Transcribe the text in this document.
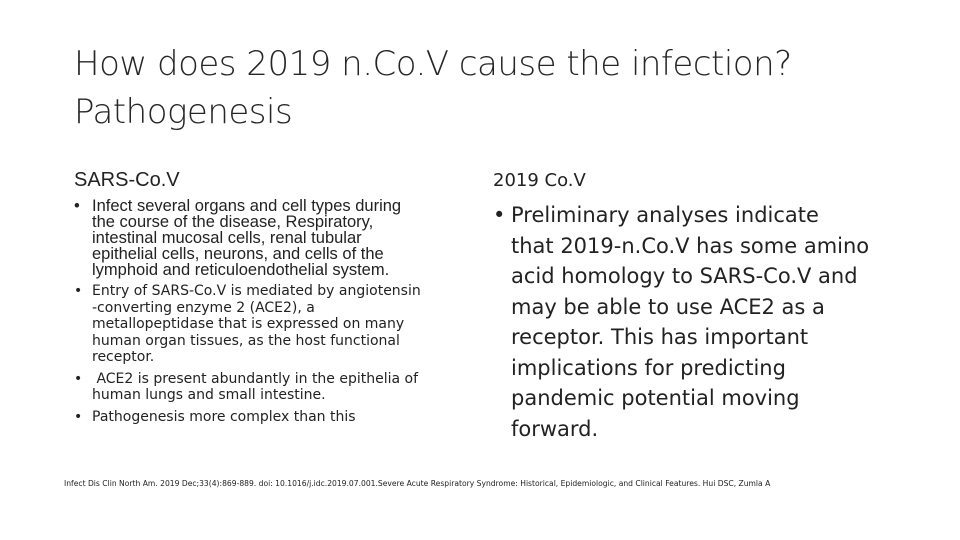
How does 2019 n.Co.V cause the infection?
Pathogenesis
SARS-Co.V
• Infect several organs and cell types during
the course of the disease, Respiratory,
intestinal mucosal cells, renal tubular
epithelial cells, neurons, and cells of the
lymphoid and reticuloendothelial system.
• Entry of SARS-Co.V is mediated by angiotensin
-converting enzyme 2 (ACE2), a
metallopeptidase that is expressed on many
human organ tissues, as the host functional
receptor.
• ACE2 is present abundantly in the epithelia of
human lungs and small intestine.
• Pathogenesis more complex than this
2019 Co.V
• Preliminary analyses indicate
that 2019-n.Co.V has some amino
acid homology to SARS-Co.V and
may be able to use ACE2 as a
receptor. This has important
implications for predicting
pandemic potential moving
forward.
Infect Dis Clin North Am. 2019 Dec;33(4):869-889. doi: 10.1016/j.idc.2019.07.001.Severe Acute Respiratory Syndrome: Historical, Epidemiologic, and Clinical Features. Hui DSC, Zumla A
